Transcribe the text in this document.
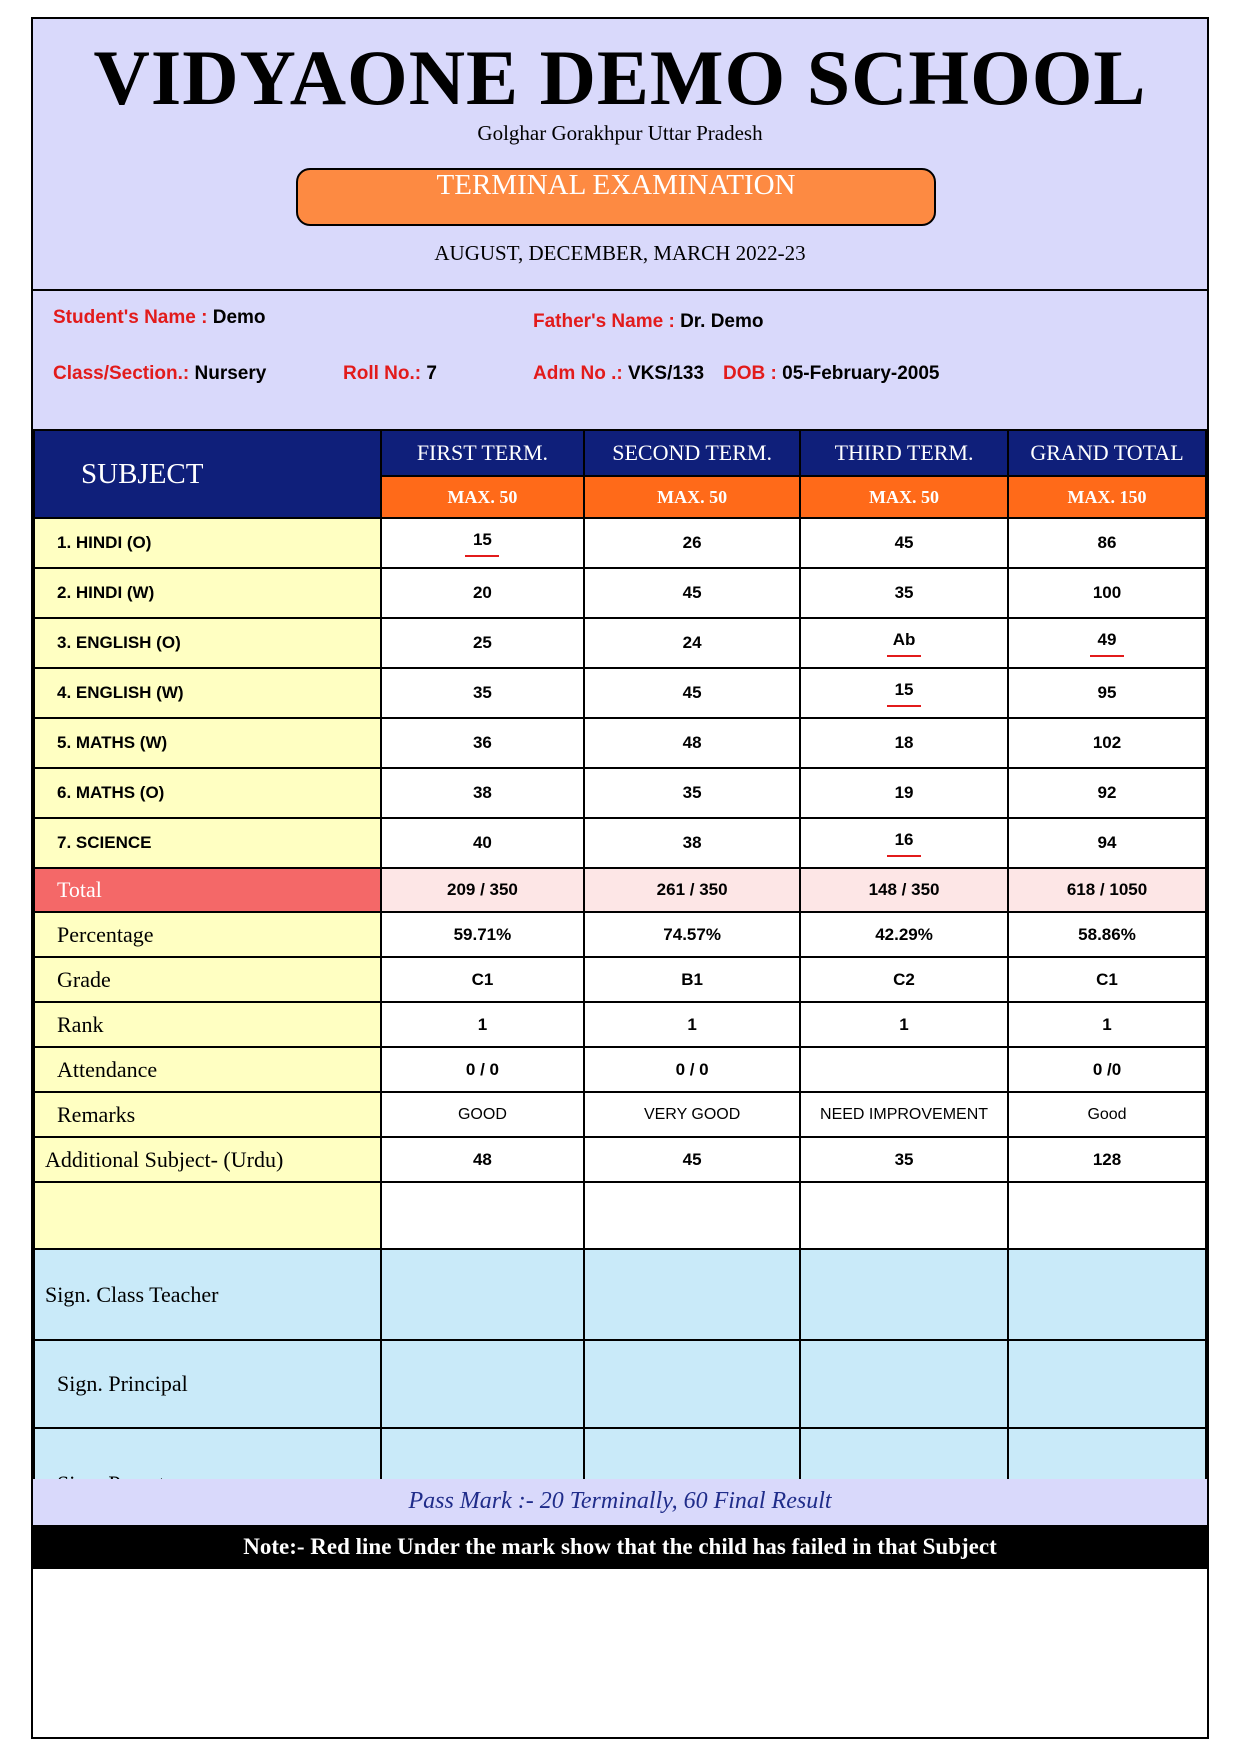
VIDYAONE DEMO SCHOOL
Golghar Gorakhpur Uttar Pradesh
TERMINAL EXAMINATION
AUGUST, DECEMBER, MARCH 2022-23
Student's Name : Demo	Father's Name : Dr. Demo
Class/Section.: Nursery	Roll No.: 7	Adm No .: VKS/133 DOB : 05-February-2005
SUBJECT	FIRST TERM.	SECOND TERM.	THIRD TERM.	GRAND TOTAL
	MAX. 50	MAX. 50	MAX. 50	MAX. 150
1. HINDI (O)	15	26	45	86
2. HINDI (W)	20	45	35	100
3. ENGLISH (O)	25	24	Ab	49
4. ENGLISH (W)	35	45	15	95
5. MATHS (W)	36	48	18	102
6. MATHS (O)	38	35	19	92
7. SCIENCE	40	38	16	94
Total	209 / 350	261 / 350	148 / 350	618 / 1050
Percentage	59.71%	74.57%	42.29%	58.86%
Grade	C1	B1	C2	C1
Rank	1	1	1	1
Attendance	0 / 0	0 / 0		0 /0
Remarks	GOOD	VERY GOOD	NEED IMPROVEMENT	Good
Additional Subject- (Urdu)	48	45	35	128

Sign. Class Teacher				
Sign. Principal				

Pass Mark :- 20 Terminally, 60 Final Result
Note:- Red line Under the mark show that the child has failed in that Subject
